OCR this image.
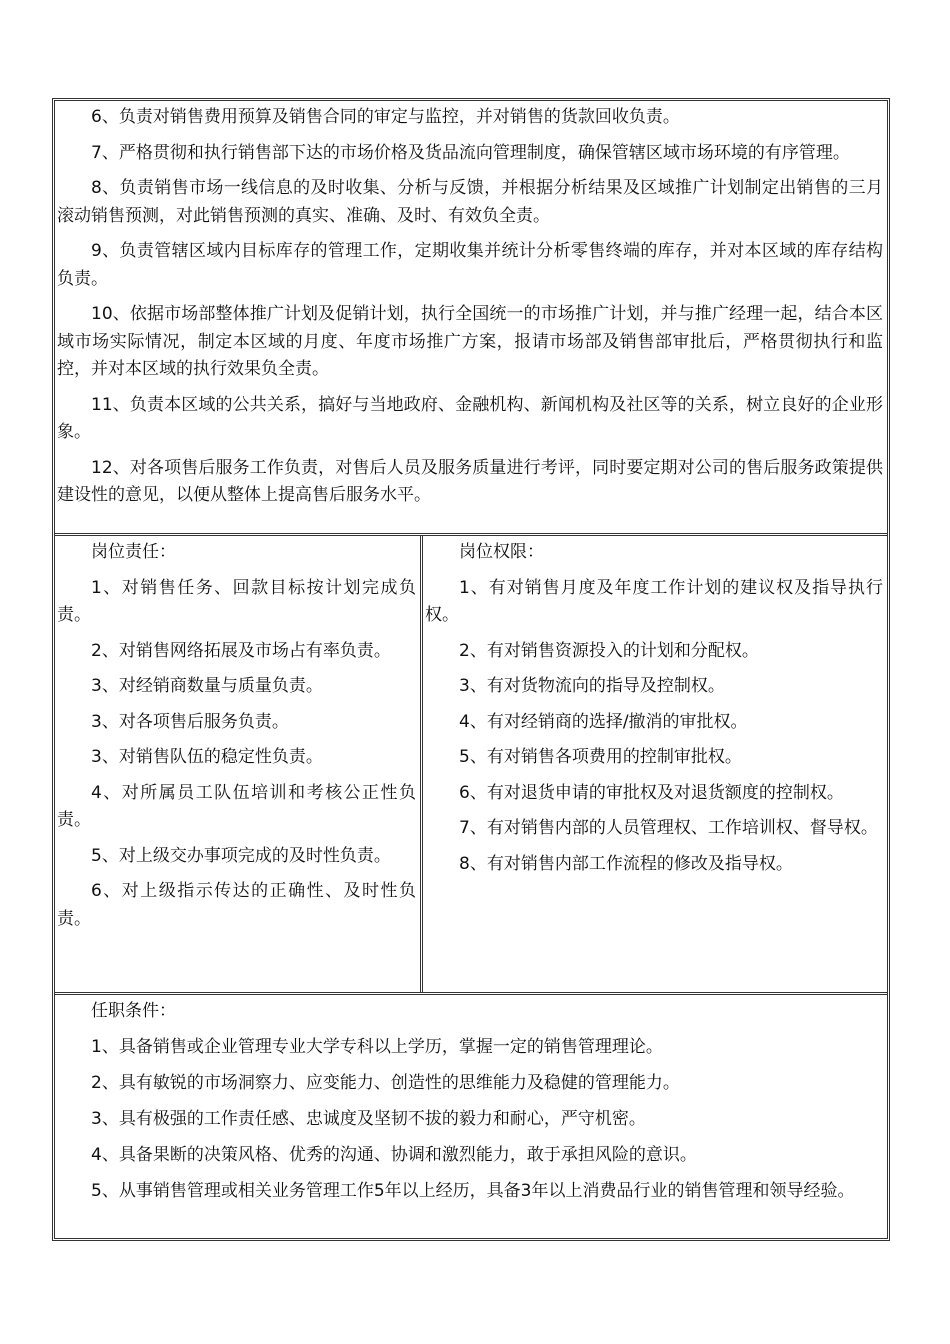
6、负责对销售费用预算及销售合同的审定与监控，并对销售的货款回收负责。

7、严格贯彻和执行销售部下达的市场价格及货品流向管理制度，确保管辖区域市场环境的有序管理。

8、负责销售市场一线信息的及时收集、分析与反馈，并根据分析结果及区域推广计划制定出销售的三月滚动销售预测，对此销售预测的真实、准确、及时、有效负全责。

9、负责管辖区域内目标库存的管理工作，定期收集并统计分析零售终端的库存，并对本区域的库存结构负责。

10、依据市场部整体推广计划及促销计划，执行全国统一的市场推广计划，并与推广经理一起，结合本区域市场实际情况，制定本区域的月度、年度市场推广方案，报请市场部及销售部审批后，严格贯彻执行和监控，并对本区域的执行效果负全责。

11、负责本区域的公共关系，搞好与当地政府、金融机构、新闻机构及社区等的关系，树立良好的企业形象。

12、对各项售后服务工作负责，对售后人员及服务质量进行考评，同时要定期对公司的售后服务政策提供建设性的意见，以便从整体上提高售后服务水平。

岗位责任：

1、对销售任务、回款目标按计划完成负责。

2、对销售网络拓展及市场占有率负责。

3、对经销商数量与质量负责。

3、对各项售后服务负责。

3、对销售队伍的稳定性负责。

4、对所属员工队伍培训和考核公正性负责。

5、对上级交办事项完成的及时性负责。

6、对上级指示传达的正确性、及时性负责。

岗位权限：

1、有对销售月度及年度工作计划的建议权及指导执行权。

2、有对销售资源投入的计划和分配权。

3、有对货物流向的指导及控制权。

4、有对经销商的选择/撤消的审批权。

5、有对销售各项费用的控制审批权。

6、有对退货申请的审批权及对退货额度的控制权。

7、有对销售内部的人员管理权、工作培训权、督导权。

8、有对销售内部工作流程的修改及指导权。

任职条件：

1、具备销售或企业管理专业大学专科以上学历，掌握一定的销售管理理论。

2、具有敏锐的市场洞察力、应变能力、创造性的思维能力及稳健的管理能力。

3、具有极强的工作责任感、忠诚度及坚韧不拔的毅力和耐心，严守机密。

4、具备果断的决策风格、优秀的沟通、协调和激烈能力，敢于承担风险的意识。

5、从事销售管理或相关业务管理工作5年以上经历，具备3年以上消费品行业的销售管理和领导经验。
